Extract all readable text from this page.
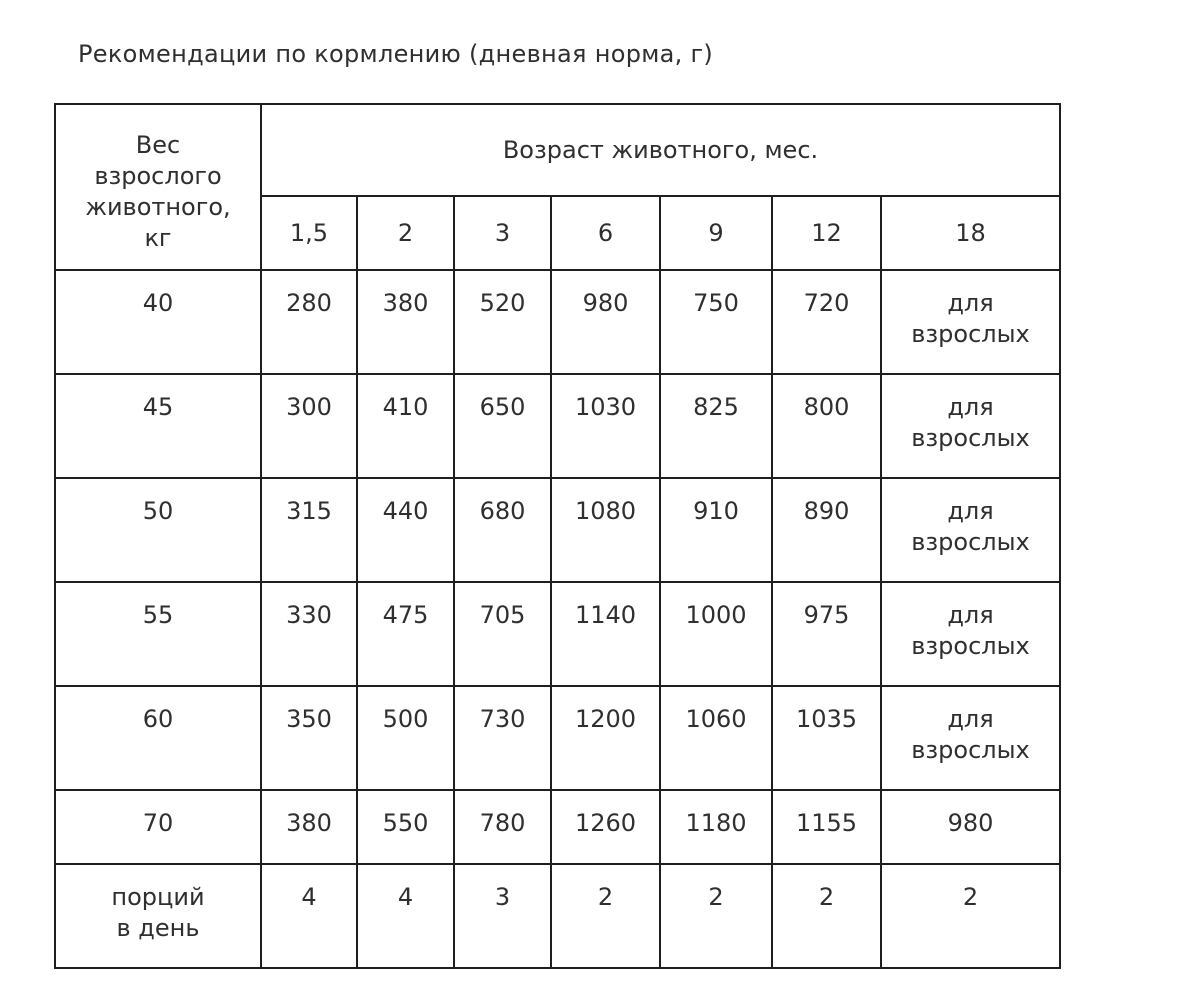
Рекомендации по кормлению (дневная норма, г)
Вес взрослого животного, кг	Возраст животного, мес.						
	1,5	2	3	6	9	12	18
40	280	380	520	980	750	720	для взрослых
45	300	410	650	1030	825	800	для взрослых
50	315	440	680	1080	910	890	для взрослых
55	330	475	705	1140	1000	975	для взрослых
60	350	500	730	1200	1060	1035	для взрослых
70	380	550	780	1260	1180	1155	980
порций в день	4	4	3	2	2	2	2
